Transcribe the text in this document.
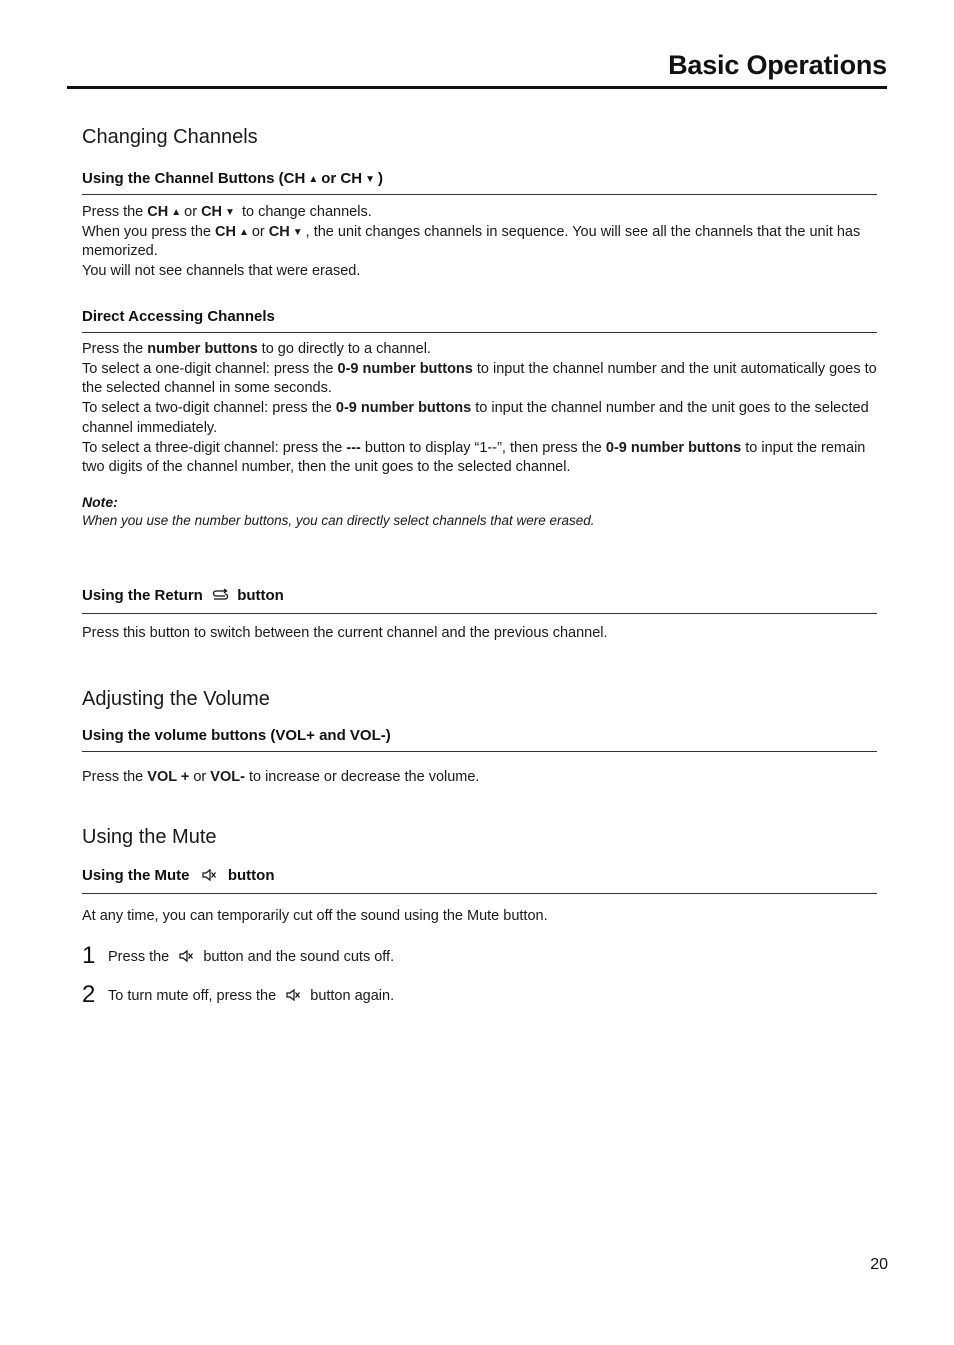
Basic Operations
Changing Channels
Using the Channel Buttons (CH ▲ or CH ▼ )

Press the CH ▲ or CH ▼ to change channels.

When you press the CH ▲ or CH ▼ , the unit changes channels in sequence. You will see all the channels that the unit has memorized.

You will not see channels that were erased.

Direct Accessing Channels

Press the number buttons to go directly to a channel.

To select a one-digit channel: press the 0-9 number buttons to input the channel number and the unit automatically goes to the selected channel in some seconds.

To select a two-digit channel: press the 0-9 number buttons to input the channel number and the unit goes to the selected channel immediately.

To select a three-digit channel: press the --- button to display “1--”, then press the 0-9 number buttons to input the remain two digits of the channel number, then the unit goes to the selected channel.

Note:

When you use the number buttons, you can directly select channels that were erased.

Using the Return button

Press this button to switch between the current channel and the previous channel.

Adjusting the Volume
Using the volume buttons (VOL+ and VOL-)

Press the VOL + or VOL- to increase or decrease the volume.

Using the Mute
Using the Mute	button

At any time, you can temporarily cut off the sound using the Mute button.

1 Press the button and the sound cuts off.
2 To turn mute off, press the button again.
20
